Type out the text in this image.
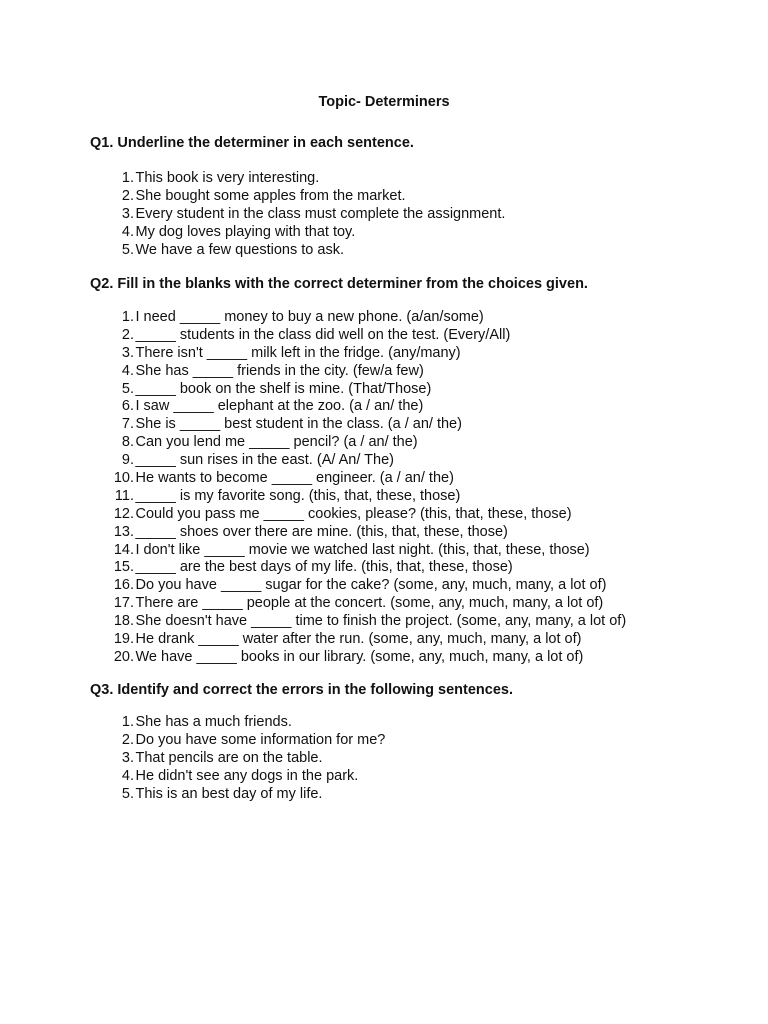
Topic- Determiners
Q1. Underline the determiner in each sentence.
1. This book is very interesting.
2. She bought some apples from the market.
3. Every student in the class must complete the assignment.
4. My dog loves playing with that toy.
5. We have a few questions to ask.
Q2. Fill in the blanks with the correct determiner from the choices given.
1. I need _____ money to buy a new phone. (a/an/some)
2. _____ students in the class did well on the test. (Every/All)
3. There isn't _____ milk left in the fridge. (any/many)
4. She has _____ friends in the city. (few/a few)
5. _____ book on the shelf is mine. (That/Those)
6. I saw _____ elephant at the zoo. (a / an/ the)
7. She is _____ best student in the class. (a / an/ the)
8. Can you lend me _____ pencil? (a / an/ the)
9. _____ sun rises in the east. (A/ An/ The)
10. He wants to become _____ engineer. (a / an/ the)
11. _____ is my favorite song. (this, that, these, those)
12. Could you pass me _____ cookies, please? (this, that, these, those)
13. _____ shoes over there are mine. (this, that, these, those)
14. I don't like _____ movie we watched last night. (this, that, these, those)
15. _____ are the best days of my life. (this, that, these, those)
16. Do you have _____ sugar for the cake? (some, any, much, many, a lot of)
17. There are _____ people at the concert. (some, any, much, many, a lot of)
18. She doesn't have _____ time to finish the project. (some, any, many, a lot of)
19. He drank _____ water after the run. (some, any, much, many, a lot of)
20. We have _____ books in our library. (some, any, much, many, a lot of)
Q3. Identify and correct the errors in the following sentences.
1. She has a much friends.
2. Do you have some information for me?
3. That pencils are on the table.
4. He didn't see any dogs in the park.
5. This is an best day of my life.
